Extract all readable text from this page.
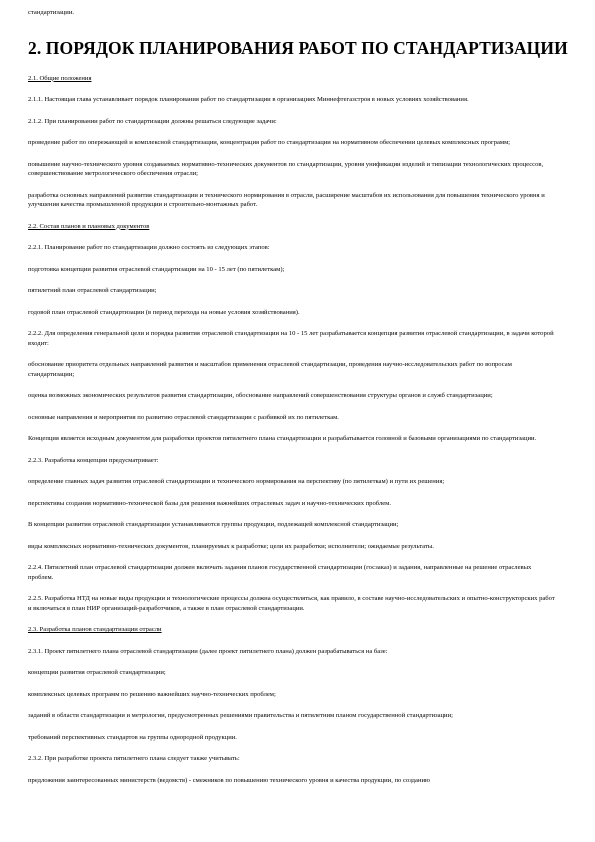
стандартизации.
2. ПОРЯДОК ПЛАНИРОВАНИЯ РАБОТ ПО СТАНДАРТИЗАЦИИ
2.1. Общие положения
2.1.1. Настоящая глава устанавливает порядок планирования работ по стандартизации в организациях Миннефтегазстроя в новых условиях хозяйствования.
2.1.2. При планировании работ по стандартизации должны решаться следующие задачи:
проведение работ по опережающей и комплексной стандартизации, концентрация работ по стандартизации на нормативном обеспечении целевых комплексных программ;
повышение научно-технического уровня создаваемых нормативно-технических документов по стандартизации, уровня унификации изделий и типизации технологических процессов, совершенствование метрологического обеспечения отрасли;
разработка основных направлений развития стандартизации и технического нормирования в отрасли, расширение масштабов их использования для повышения технического уровня и улучшения качества промышленной продукции и строительно-монтажных работ.
2.2. Состав планов и плановых документов
2.2.1. Планирование работ по стандартизации должно состоять из следующих этапов:
подготовка концепции развития отраслевой стандартизации на 10 - 15 лет (по пятилеткам);
пятилетний план отраслевой стандартизации;
годовой план отраслевой стандартизации (в период перехода на новые условия хозяйствования).
2.2.2. Для определения генеральной цели и порядка развития отраслевой стандартизации на 10 - 15 лет разрабатывается концепция развития отраслевой стандартизации, в задачи которой входит:
обоснование приоритета отдельных направлений развития и масштабов применения отраслевой стандартизации, проведения научно-исследовательских работ по вопросам стандартизации;
оценка возможных экономических результатов развития стандартизации, обоснование направлений совершенствования структуры органов и служб стандартизации;
основные направления и мероприятия по развитию отраслевой стандартизации с разбивкой их по пятилеткам.
Концепция является исходным документом для разработки проектов пятилетнего плана стандартизации и разрабатывается головной и базовыми организациями по стандартизации.
2.2.3. Разработка концепции предусматривает:
определение главных задач развития отраслевой стандартизации и технического нормирования на перспективу (по пятилеткам) и пути их решения;
перспективы создания нормативно-технической базы для решения важнейших отраслевых задач и научно-технических проблем.
В концепции развития отраслевой стандартизации устанавливаются группы продукции, подлежащей комплексной стандартизации;
виды комплексных нормативно-технических документов, планируемых к разработке; цели их разработки; исполнители; ожидаемые результаты.
2.2.4. Пятилетний план отраслевой стандартизации должен включать задания планов государственной стандартизации (госзаказ) и задания, направленные на решение отраслевых проблем.
2.2.5. Разработка НТД на новые виды продукции и технологические процессы должна осуществляться, как правило, в составе научно-исследовательских и опытно-конструкторских работ и включаться в план НИР организаций-разработчиков, а также в план отраслевой стандартизации.
2.3. Разработка планов стандартизации отрасли
2.3.1. Проект пятилетнего плана отраслевой стандартизации (далее проект пятилетнего плана) должен разрабатываться на базе:
концепции развития отраслевой стандартизации;
комплексных целевых программ по решению важнейших научно-технических проблем;
заданий в области стандартизации и метрологии, предусмотренных решениями правительства и пятилетним планом государственной стандартизации;
требований перспективных стандартов на группы однородной продукции.
2.3.2. При разработке проекта пятилетнего плана следует также учитывать:
предложения заинтересованных министерств (ведомств) - смежников по повышению технического уровня и качества продукции, по созданию
